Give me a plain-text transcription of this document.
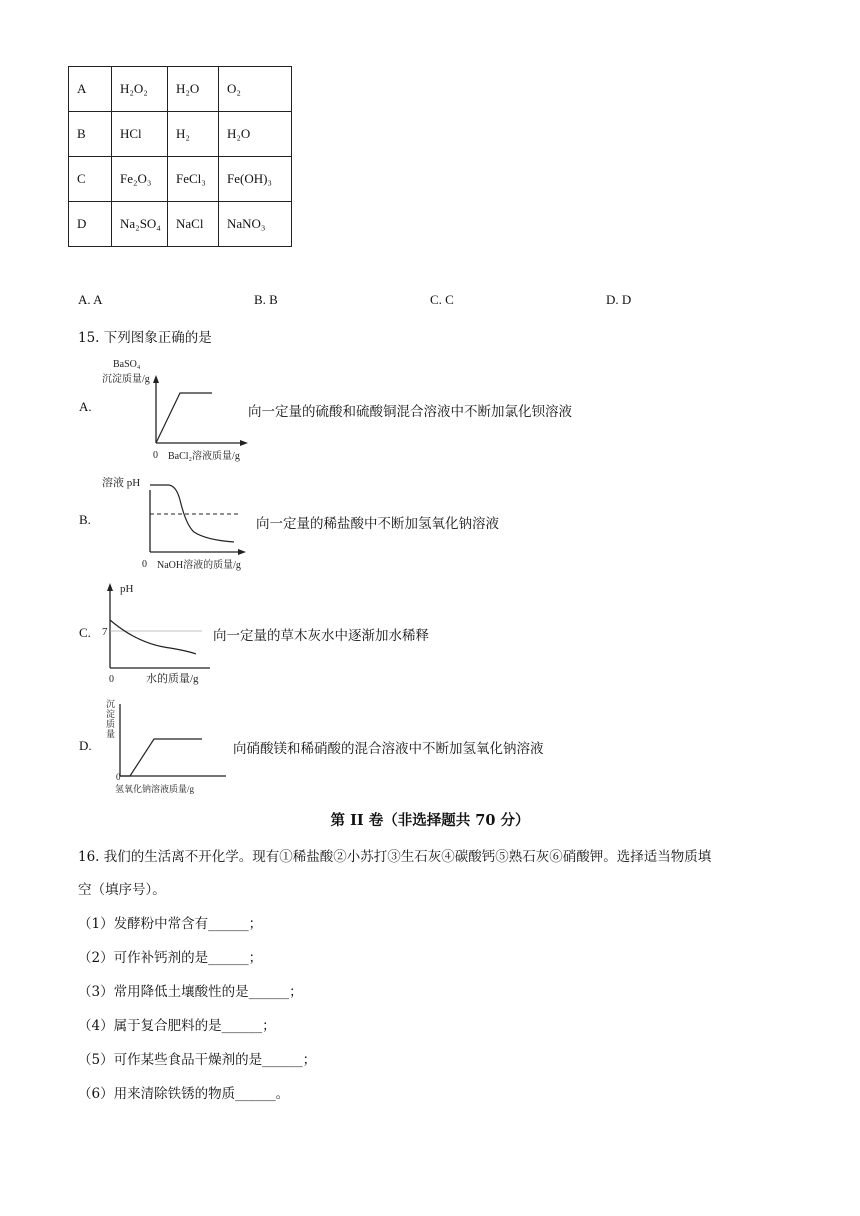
A	H₂O₂	H₂O	O₂
B	HCl	H₂	H₂O
C	Fe₂O₃	FeCl₃	Fe(OH)₃
D	Na₂SO₄	NaCl	NaNO₃
A. A	B. B	C. C	D. D
15. 下列图象正确的是
A.
BaSO₄
沉淀质量/g
0 BaCl₂溶液质量/g
向一定量的硫酸和硫酸铜混合溶液中不断加氯化钡溶液
B.
溶液 pH
0 NaOH溶液的质量/g
向一定量的稀盐酸中不断加氢氧化钠溶液
C.
pH
7
0	水的质量/g
向一定量的草木灰水中逐渐加水稀释
D.
沉
淀
质
量
0
氢氧化钠溶液质量/g
向硝酸镁和稀硝酸的混合溶液中不断加氢氧化钠溶液
第 II 卷（非选择题共 70 分）
16. 我们的生活离不开化学。现有①稀盐酸②小苏打③生石灰④碳酸钙⑤熟石灰⑥硝酸钾。选择适当物质填
空（填序号）。
（1）发酵粉中常含有______；
（2）可作补钙剂的是______；
（3）常用降低土壤酸性的是______；
（4）属于复合肥料的是______；
（5）可作某些食品干燥剂的是______；
（6）用来清除铁锈的物质______。
